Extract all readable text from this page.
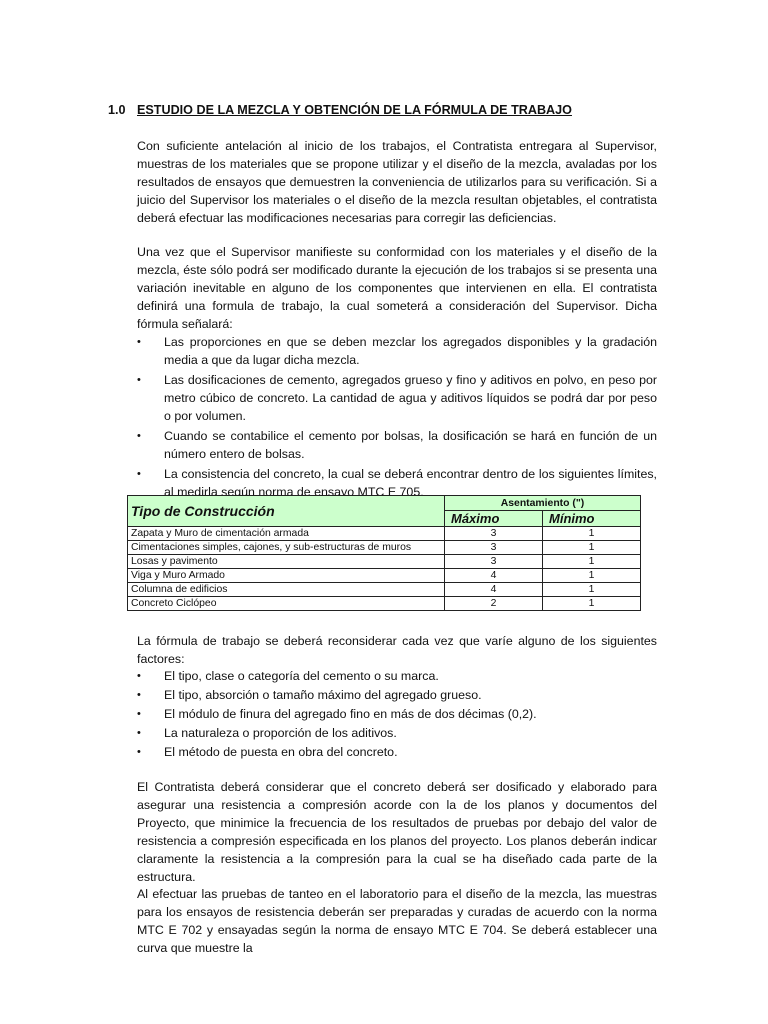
1.0 ESTUDIO DE LA MEZCLA Y OBTENCIÓN DE LA FÓRMULA DE TRABAJO

Con suficiente antelación al inicio de los trabajos, el Contratista entregara al Supervisor, muestras de los materiales que se propone utilizar y el diseño de la mezcla, avaladas por los resultados de ensayos que demuestren la conveniencia de utilizarlos para su verificación. Si a juicio del Supervisor los materiales o el diseño de la mezcla resultan objetables, el contratista deberá efectuar las modificaciones necesarias para corregir las deficiencias.

Una vez que el Supervisor manifieste su conformidad con los materiales y el diseño de la mezcla, éste sólo podrá ser modificado durante la ejecución de los trabajos si se presenta una variación inevitable en alguno de los componentes que intervienen en ella. El contratista definirá una formula de trabajo, la cual someterá a consideración del Supervisor. Dicha fórmula señalará:

• Las proporciones en que se deben mezclar los agregados disponibles y la gradación media a que da lugar dicha mezcla.
• Las dosificaciones de cemento, agregados grueso y fino y aditivos en polvo, en peso por metro cúbico de concreto. La cantidad de agua y aditivos líquidos se podrá dar por peso o por volumen.
• Cuando se contabilice el cemento por bolsas, la dosificación se hará en función de un número entero de bolsas.
• La consistencia del concreto, la cual se deberá encontrar dentro de los siguientes límites, al medirla según norma de ensayo MTC E 705.
Tipo de Construcción	Asentamiento (")	
	Máximo	Mínimo
Zapata y Muro de cimentación armada	3	1
Cimentaciones simples, cajones, y sub-estructuras de muros	3	1
Losas y pavimento	3	1
Viga y Muro Armado	4	1
Columna de edificios	4	1
Concreto Ciclópeo	2	1

La fórmula de trabajo se deberá reconsiderar cada vez que varíe alguno de los siguientes factores:

• El tipo, clase o categoría del cemento o su marca.
• El tipo, absorción o tamaño máximo del agregado grueso.
• El módulo de finura del agregado fino en más de dos décimas (0,2).
• La naturaleza o proporción de los aditivos.
• El método de puesta en obra del concreto.

El Contratista deberá considerar que el concreto deberá ser dosificado y elaborado para asegurar una resistencia a compresión acorde con la de los planos y documentos del Proyecto, que minimice la frecuencia de los resultados de pruebas por debajo del valor de resistencia a compresión especificada en los planos del proyecto. Los planos deberán indicar claramente la resistencia a la compresión para la cual se ha diseñado cada parte de la estructura.

Al efectuar las pruebas de tanteo en el laboratorio para el diseño de la mezcla, las muestras para los ensayos de resistencia deberán ser preparadas y curadas de acuerdo con la norma MTC E 702 y ensayadas según la norma de ensayo MTC E 704. Se deberá establecer una curva que muestre la
